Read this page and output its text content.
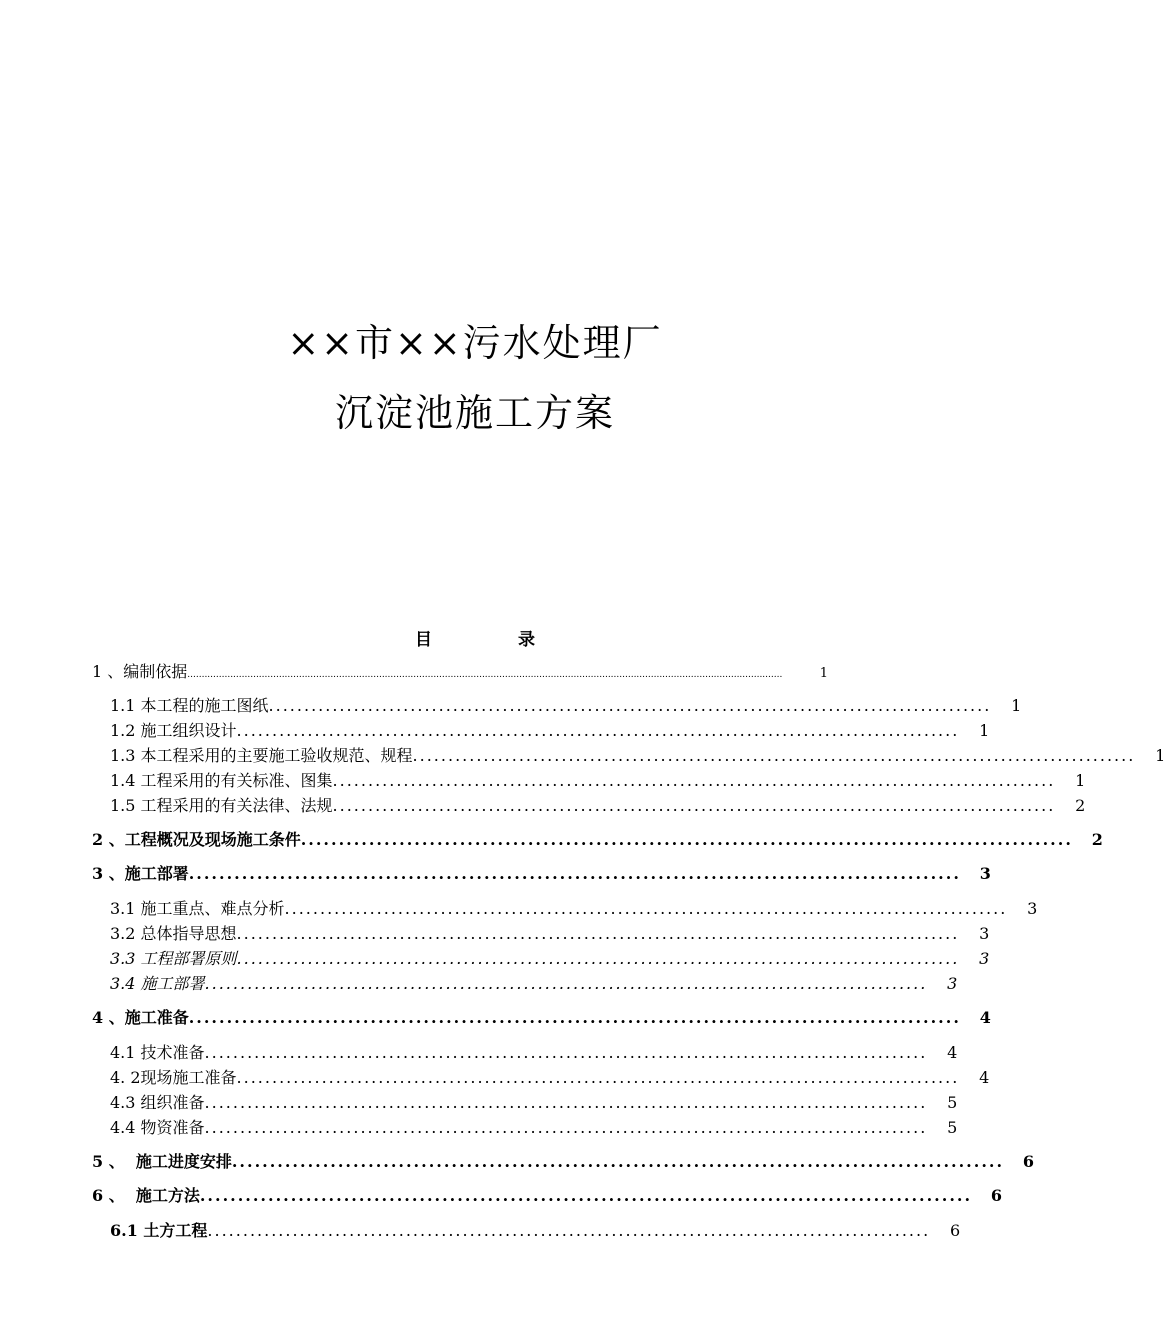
××市××污水处理厂
沉淀池施工方案
目	录
1 、编制依据 ................................................................................................................................................................................................................	1
1.1 本工程的施工图纸 ......................................................................................................	1
1.2 施工组织设计 ......................................................................................................	1
1.3 本工程采用的主要施工验收规范、规程 ......................................................................................................	1
1.4 工程采用的有关标准、图集 ......................................................................................................	1
1.5 工程采用的有关法律、法规 ......................................................................................................	2
2 、工程概况及现场施工条件 ......................................................................................................	2
3 、施工部署 ......................................................................................................	3
3.1 施工重点、难点分析 ......................................................................................................	3
3.2 总体指导思想 ......................................................................................................	3
3.3 工程部署原则 ......................................................................................................	3
3.4 施工部署 ......................................................................................................	3
4 、施工准备 ......................................................................................................	4
4.1 技术准备 ......................................................................................................	4
4. 2现场施工准备 ......................................................................................................	4
4.3 组织准备 ......................................................................................................	5
4.4 物资准备 ......................................................................................................	5
5 、  施工进度安排 ......................................................................................................	6
6 、  施工方法 ......................................................................................................	6
6.1 土方工程 ......................................................................................................	6
